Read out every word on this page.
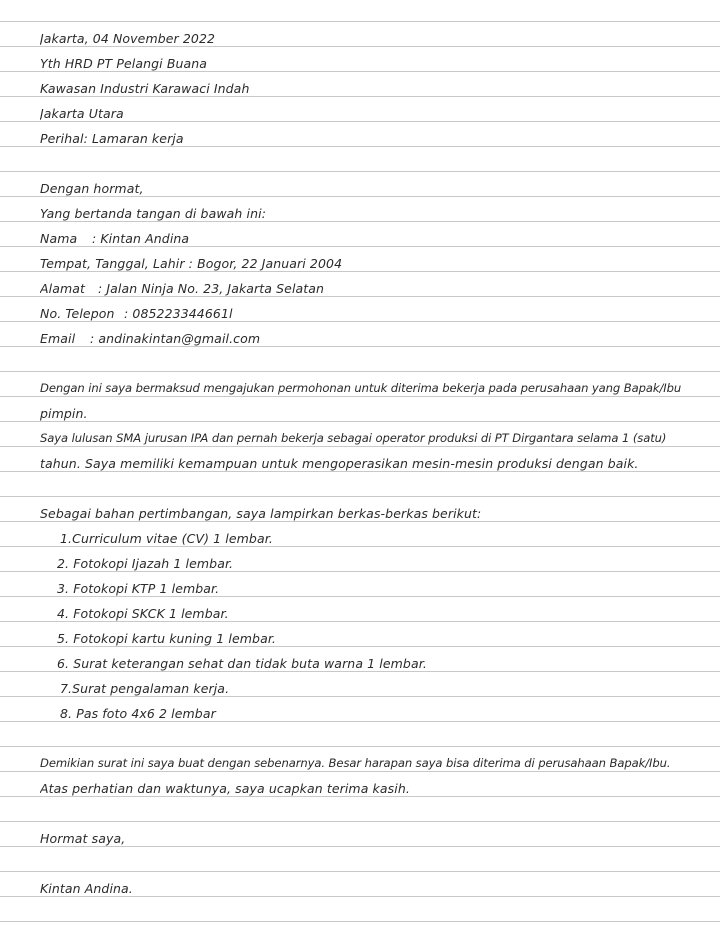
Jakarta, 04 November 2022
Yth HRD PT Pelangi Buana
Kawasan Industri Karawaci Indah
Jakarta Utara
Perihal: Lamaran kerja
Dengan hormat,
Yang bertanda tangan di bawah ini:
Nama : Kintan Andina
Tempat, Tanggal, Lahir : Bogor, 22 Januari 2004
Alamat : Jalan Ninja No. 23, Jakarta Selatan
No. Telepon : 085223344661l
Email : andinakintan@gmail.com
Dengan ini saya bermaksud mengajukan permohonan untuk diterima bekerja pada perusahaan yang Bapak/Ibu
pimpin.
Saya lulusan SMA jurusan IPA dan pernah bekerja sebagai operator produksi di PT Dirgantara selama 1 (satu)
tahun. Saya memiliki kemampuan untuk mengoperasikan mesin-mesin produksi dengan baik.
Sebagai bahan pertimbangan, saya lampirkan berkas-berkas berikut:
1.Curriculum vitae (CV) 1 lembar.
2. Fotokopi Ijazah 1 lembar.
3. Fotokopi KTP 1 lembar.
4. Fotokopi SKCK 1 lembar.
5. Fotokopi kartu kuning 1 lembar.
6. Surat keterangan sehat dan tidak buta warna 1 lembar.
7.Surat pengalaman kerja.
8. Pas foto 4x6 2 lembar
Demikian surat ini saya buat dengan sebenarnya. Besar harapan saya bisa diterima di perusahaan Bapak/Ibu.
Atas perhatian dan waktunya, saya ucapkan terima kasih.
Hormat saya,
Kintan Andina.
